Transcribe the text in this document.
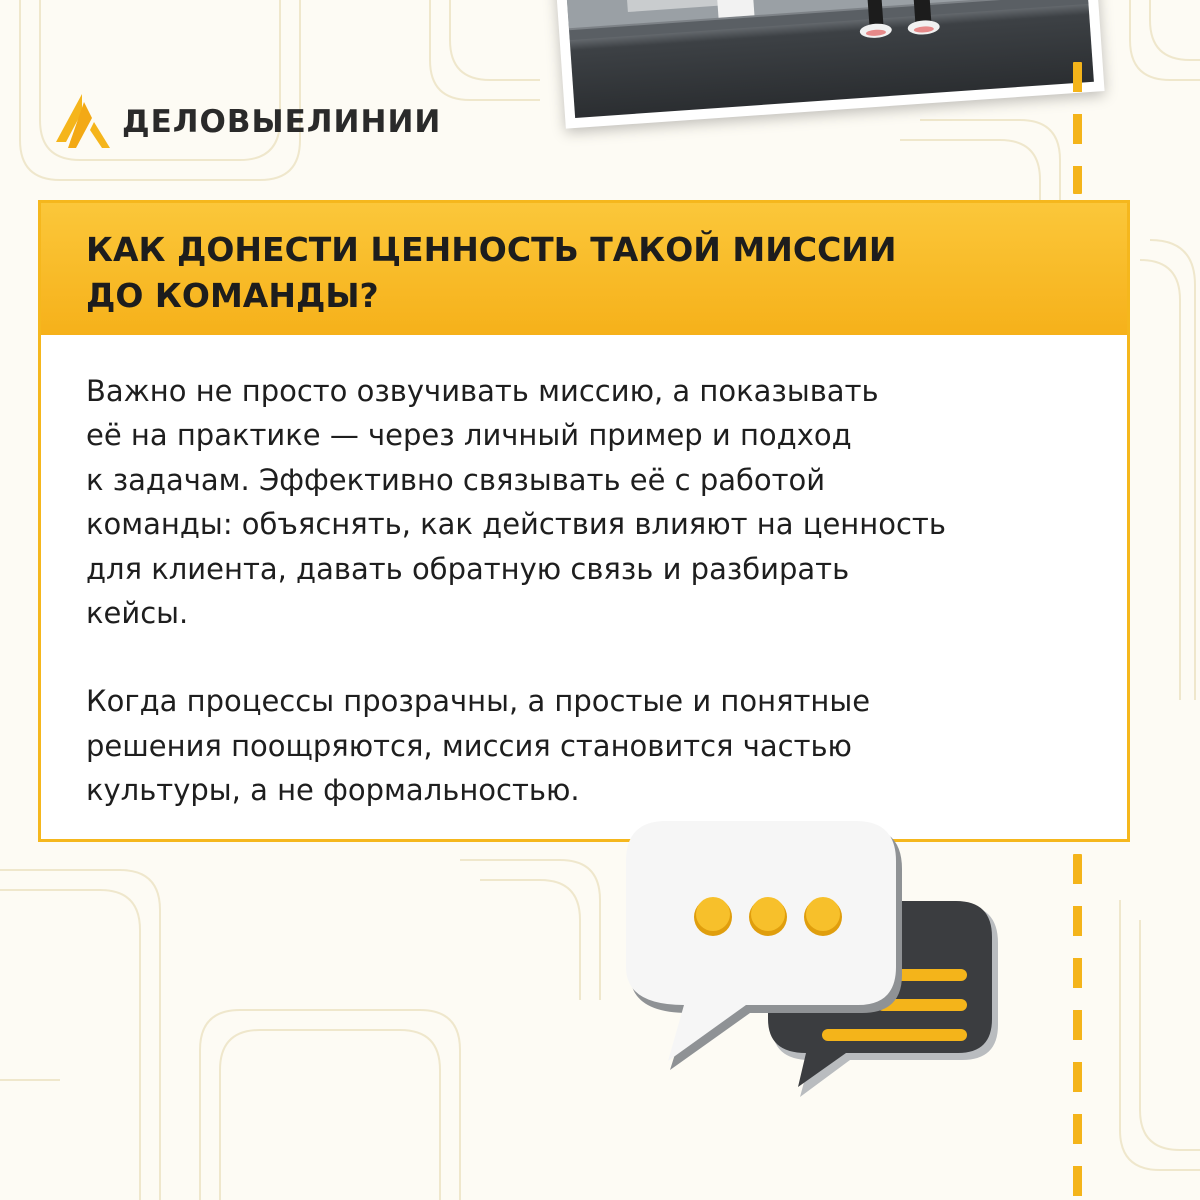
ДЕЛОВЫЕЛИНИИ
КАК ДОНЕСТИ ЦЕННОСТЬ ТАКОЙ МИССИИ
ДО КОМАНДЫ?

Важно не просто озвучивать миссию, а показывать
её на практике — через личный пример и подход
к задачам. Эффективно связывать её с работой
команды: объяснять, как действия влияют на ценность
для клиента, давать обратную связь и разбирать
кейсы.

Когда процессы прозрачны, а простые и понятные
решения поощряются, миссия становится частью
культуры, а не формальностью.
